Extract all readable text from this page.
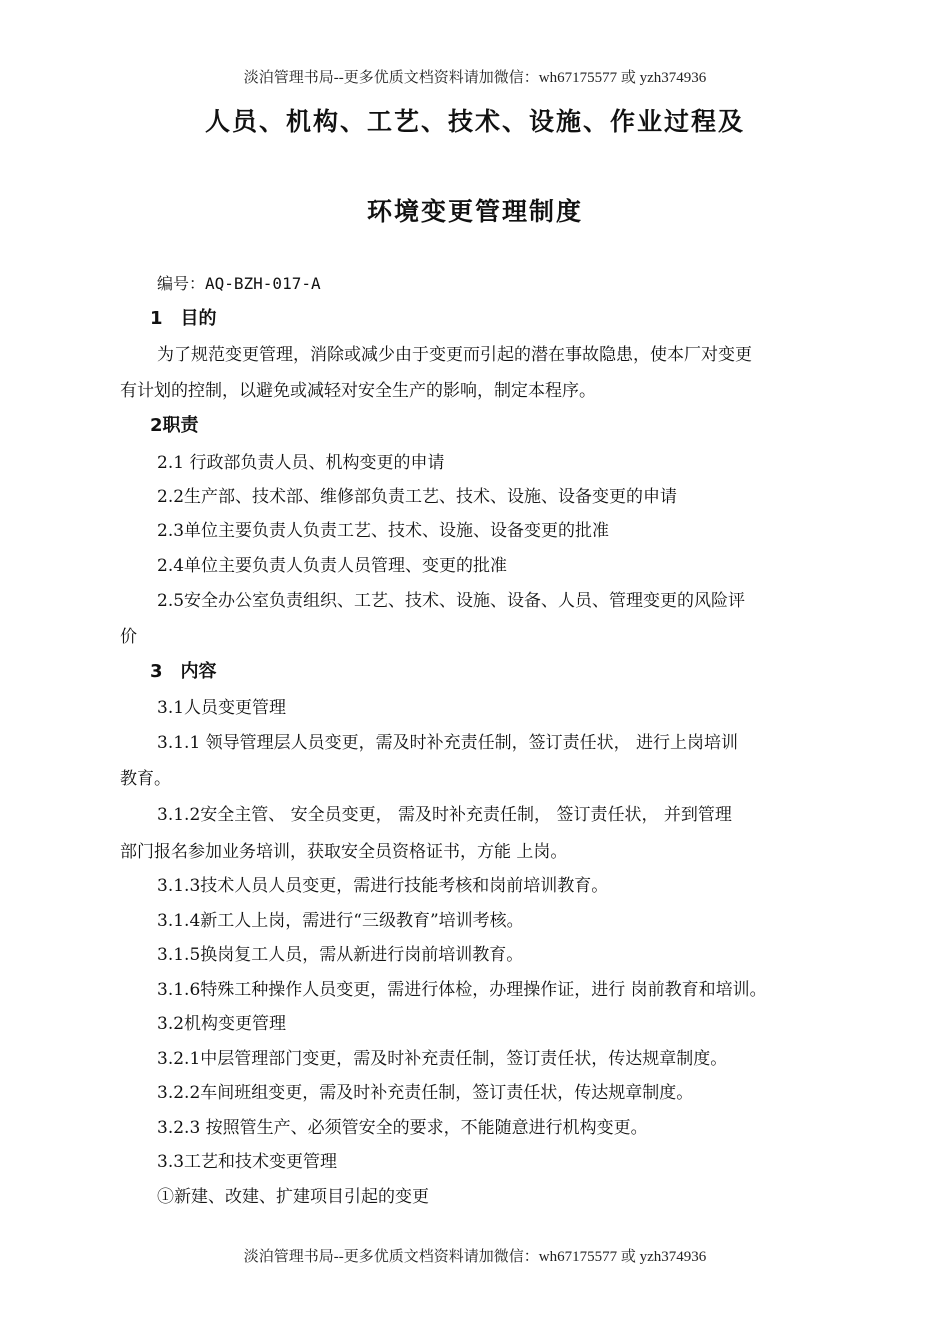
淡泊管理书局--更多优质文档资料请加微信：wh67175577 或 yzh374936
人员、机构、工艺、技术、设施、作业过程及
环境变更管理制度
编号：AQ-BZH-017-A
1　目的
为了规范变更管理，消除或减少由于变更而引起的潜在事故隐患，使本厂对变更
有计划的控制，以避免或减轻对安全生产的影响，制定本程序。
2职责
2.1 行政部负责人员、机构变更的申请
2.2生产部、技术部、维修部负责工艺、技术、设施、设备变更的申请
2.3单位主要负责人负责工艺、技术、设施、设备变更的批准
2.4单位主要负责人负责人员管理、变更的批准
2.5安全办公室负责组织、工艺、技术、设施、设备、人员、管理变更的风险评
价
3　内容
3.1人员变更管理
3.1.1 领导管理层人员变更，需及时补充责任制，签订责任状， 进行上岗培训
教育。
3.1.2安全主管、 安全员变更， 需及时补充责任制， 签订责任状， 并到管理
部门报名参加业务培训，获取安全员资格证书，方能 上岗。
3.1.3技术人员人员变更，需进行技能考核和岗前培训教育。
3.1.4新工人上岗，需进行“三级教育”培训考核。
3.1.5换岗复工人员，需从新进行岗前培训教育。
3.1.6特殊工种操作人员变更，需进行体检，办理操作证，进行 岗前教育和培训。
3.2机构变更管理
3.2.1中层管理部门变更，需及时补充责任制，签订责任状，传达规章制度。
3.2.2车间班组变更，需及时补充责任制，签订责任状，传达规章制度。
3.2.3 按照管生产、必须管安全的要求，不能随意进行机构变更。
3.3工艺和技术变更管理
①新建、改建、扩建项目引起的变更
淡泊管理书局--更多优质文档资料请加微信：wh67175577 或 yzh374936
